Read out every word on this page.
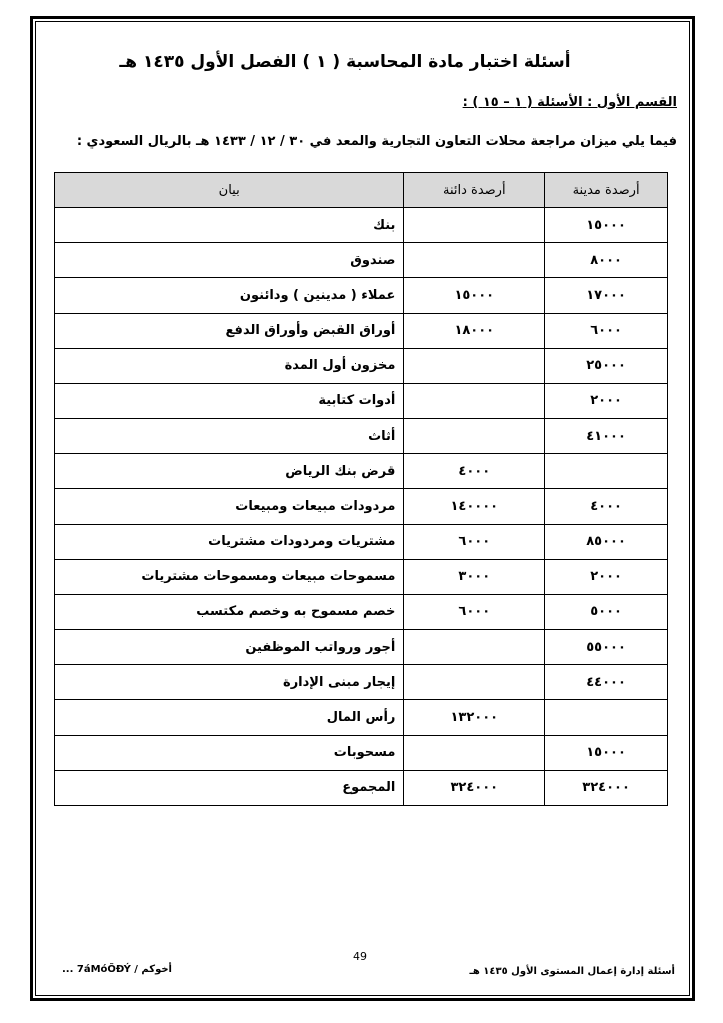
أسئلة اختبار مادة المحاسبة ( ١ ) الفصل الأول ١٤٣٥ هـ
القسم الأول : الأسئلة ( ١ – ١٥ ) :
فيما يلي ميزان مراجعة محلات التعاون التجارية والمعد في ٣٠ / ١٢ / ١٤٣٣ هـ بالريال السعودي :
أرصدة مدينة	أرصدة دائنة	بيان
١٥٠٠٠		بنك
٨٠٠٠		صندوق
١٧٠٠٠	١٥٠٠٠	عملاء ( مدينين ) ودائنون
٦٠٠٠	١٨٠٠٠	أوراق القبض وأوراق الدفع
٢٥٠٠٠		مخزون أول المدة
٢٠٠٠		أدوات كتابية
٤١٠٠٠		أثاث
	٤٠٠٠	قرض بنك الرياض
٤٠٠٠	١٤٠٠٠٠	مردودات مبيعات ومبيعات
٨٥٠٠٠	٦٠٠٠	مشتريات ومردودات مشتريات
٢٠٠٠	٣٠٠٠	مسموحات مبيعات ومسموحات مشتريات
٥٠٠٠	٦٠٠٠	خصم مسموح به وخصم مكتسب
٥٥٠٠٠		أجور ورواتب الموظفين
٤٤٠٠٠		إيجار مبنى الإدارة
	١٣٢٠٠٠	رأس المال
١٥٠٠٠		مسحوبات
٣٢٤٠٠٠	٣٢٤٠٠٠	المجموع
49
أسئلة إدارة إعمال المستوى الأول ١٤٣٥ هـ
أخوكم / 7áMóÕÐÝ ...
